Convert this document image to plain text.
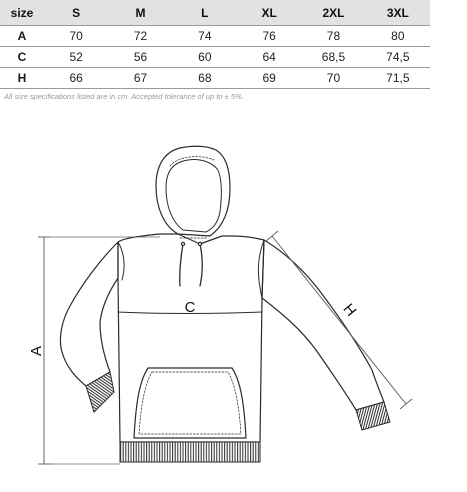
size	S	M	L	XL	2XL	3XL
A	70	72	74	76	78	80
C	52	56	60	64	68,5	74,5
H	66	67	68	69	70	71,5
All size specifications listed are in cm. Accepted tolerance of up to ± 5%.
A
C	H
